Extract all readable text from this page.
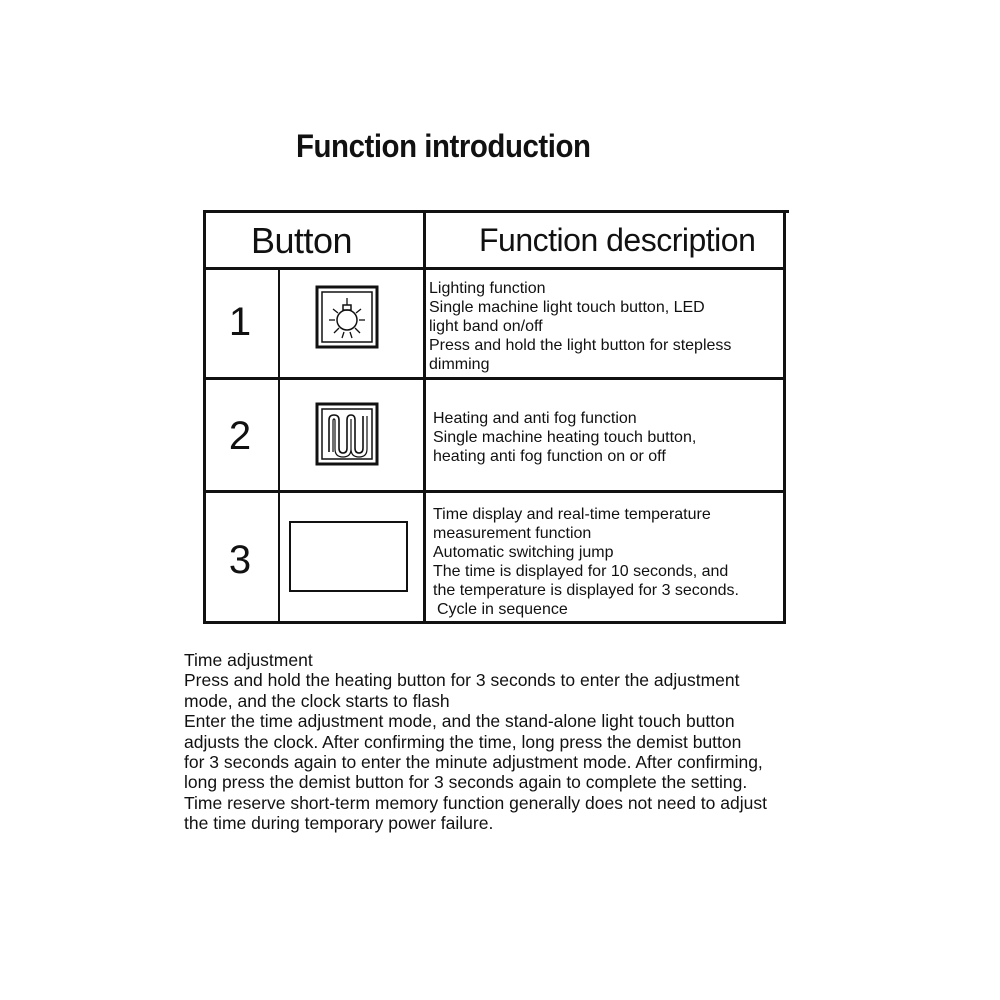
Function introduction
Button	Function description
1
Lighting function
Single machine light touch button, LED
light band on/off
Press and hold the light button for stepless
dimming
2	Heating and anti fog function
Single machine heating touch button,
heating anti fog function on or off
3
Time display and real-time temperature
measurement function
Automatic switching jump
The time is displayed for 10 seconds, and
the temperature is displayed for 3 seconds.
Cycle in sequence
Time adjustment
Press and hold the heating button for 3 seconds to enter the adjustment
mode, and the clock starts to flash
Enter the time adjustment mode, and the stand-alone light touch button
adjusts the clock. After confirming the time, long press the demist button
for 3 seconds again to enter the minute adjustment mode. After confirming,
long press the demist button for 3 seconds again to complete the setting.
Time reserve short-term memory function generally does not need to adjust
the time during temporary power failure.
